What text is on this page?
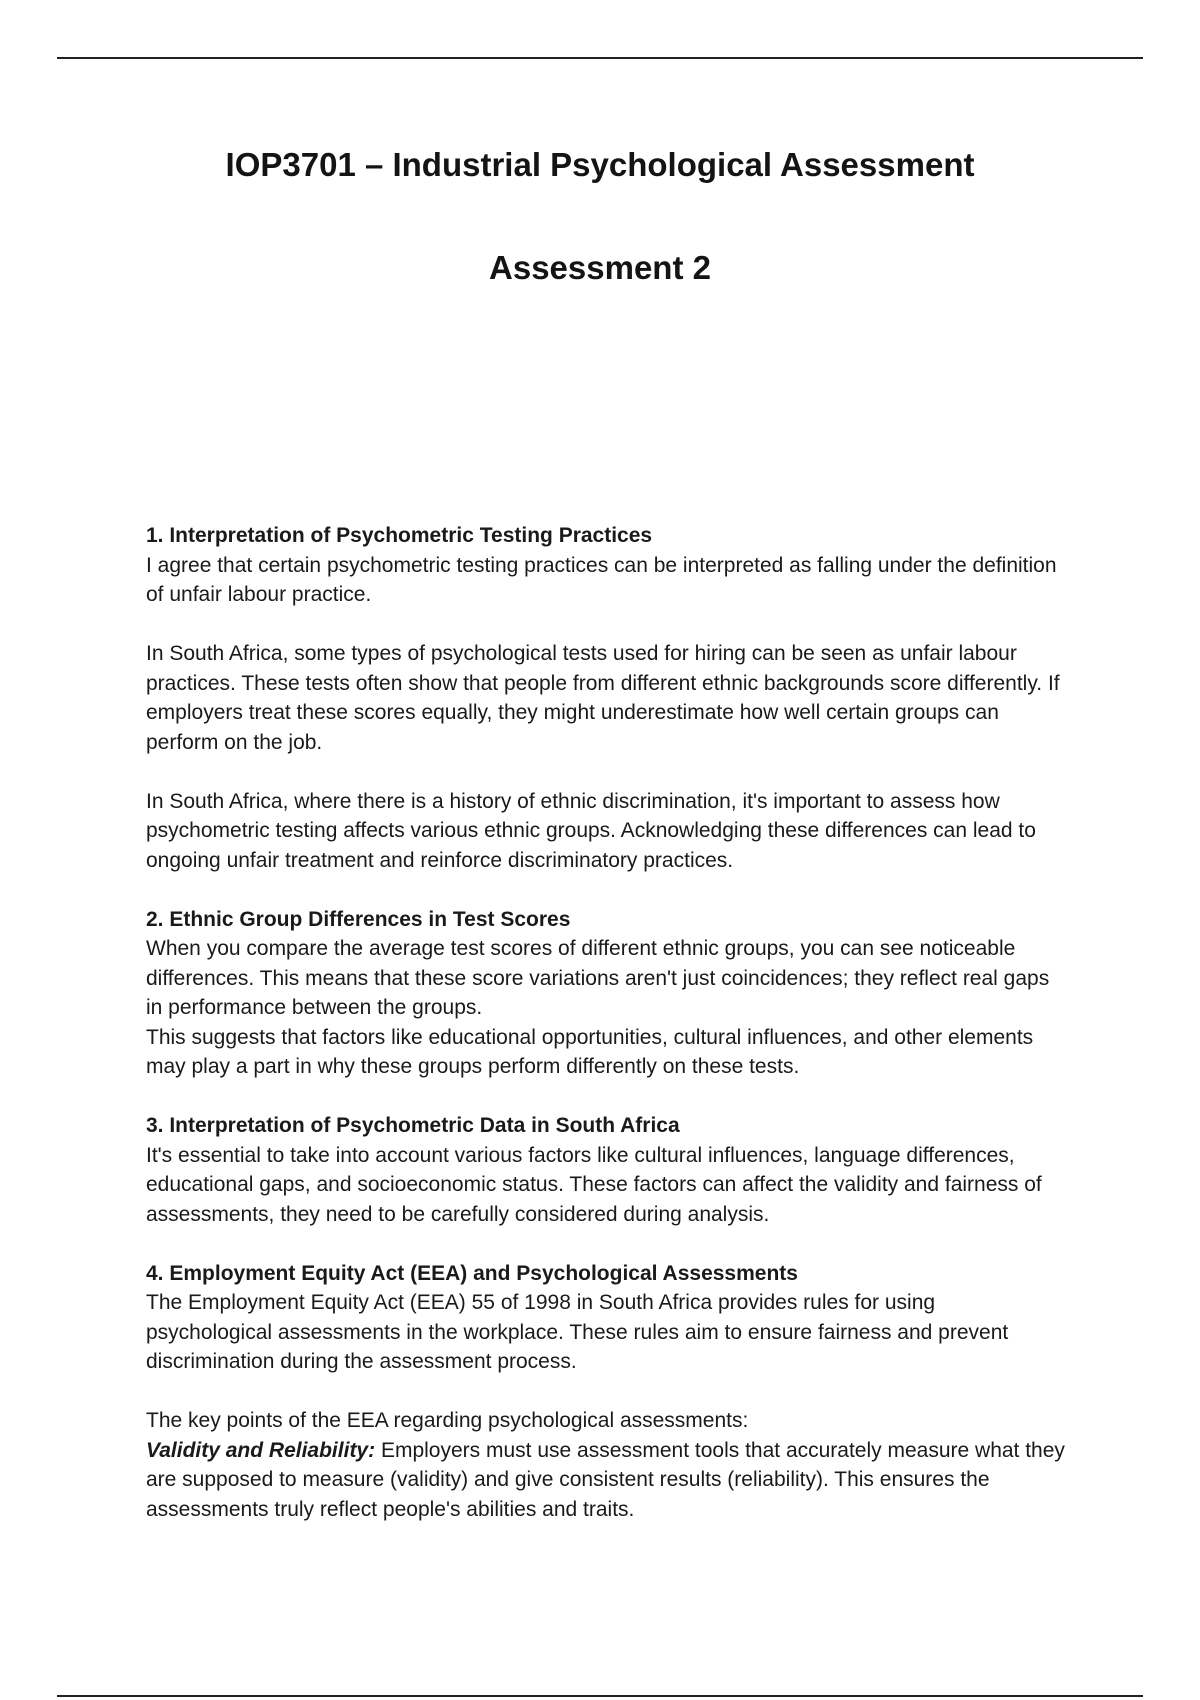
IOP3701 – Industrial Psychological Assessment
Assessment 2

1. Interpretation of Psychometric Testing Practices

I agree that certain psychometric testing practices can be interpreted as falling under the definition of unfair labour practice.

In South Africa, some types of psychological tests used for hiring can be seen as unfair labour practices. These tests often show that people from different ethnic backgrounds score differently. If employers treat these scores equally, they might underestimate how well certain groups can perform on the job.

In South Africa, where there is a history of ethnic discrimination, it's important to assess how psychometric testing affects various ethnic groups. Acknowledging these differences can lead to ongoing unfair treatment and reinforce discriminatory practices.

2. Ethnic Group Differences in Test Scores

When you compare the average test scores of different ethnic groups, you can see noticeable differences. This means that these score variations aren't just coincidences; they reflect real gaps in performance between the groups.

This suggests that factors like educational opportunities, cultural influences, and other elements may play a part in why these groups perform differently on these tests.

3. Interpretation of Psychometric Data in South Africa

It's essential to take into account various factors like cultural influences, language differences, educational gaps, and socioeconomic status. These factors can affect the validity and fairness of assessments, they need to be carefully considered during analysis.

4. Employment Equity Act (EEA) and Psychological Assessments

The Employment Equity Act (EEA) 55 of 1998 in South Africa provides rules for using psychological assessments in the workplace. These rules aim to ensure fairness and prevent discrimination during the assessment process.

The key points of the EEA regarding psychological assessments:

Validity and Reliability: Employers must use assessment tools that accurately measure what they are supposed to measure (validity) and give consistent results (reliability). This ensures the assessments truly reflect people's abilities and traits.
